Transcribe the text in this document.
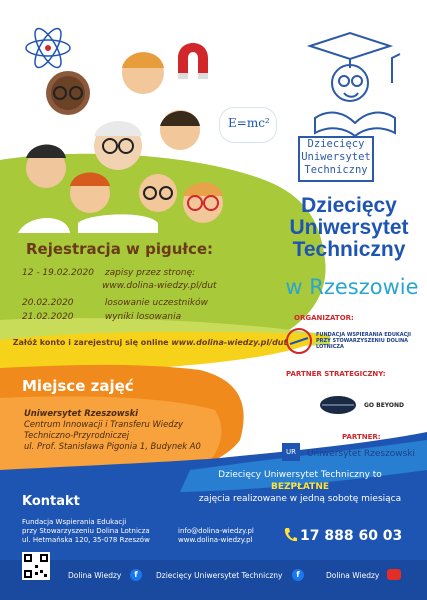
E=mc²
Dziecięcy
Uniwersytet
Techniczny
Dziecięcy
Uniwersytet
Techniczny
w Rzeszowie
Rejestracja w pigułce:
12 - 19.02.2020 zapisy przez stronę:
www.dolina-wiedzy.pl/dut
20.02.2020	losowanie uczestników
21.02.2020	wyniki losowania
Załóż konto i zarejestruj się online www.dolina-wiedzy.pl/dut
Miejsce zajęć
Uniwersytet Rzeszowski
Centrum Innowacji i Transferu Wiedzy
Techniczno-Przyrodniczej
ul. Prof. Stanisława Pigonia 1, Budynek A0
ORGANIZATOR:
FUNDACJA WSPIERANIA EDUKACJI PRZY STOWARZYSZENIU DOLINA LOTNICZA
PARTNER STRATEGICZNY:
GO BEYOND
PARTNER:
UR	Uniwersytet Rzeszowski
Dziecięcy Uniwersytet Techniczny to BEZPŁATNE
zajęcia realizowane w jedną sobotę miesiąca
Kontakt
Fundacja Wspierania Edukacji
przy Stowarzyszeniu Dolina Lotnicza
ul. Hetmańska 120, 35-078 Rzeszów
info@dolina-wiedzy.pl
www.dolina-wiedzy.pl	17 888 60 03
Dolina Wiedzy	f	Dziecięcy Uniwersytet Techniczny	f	Dolina Wiedzy
